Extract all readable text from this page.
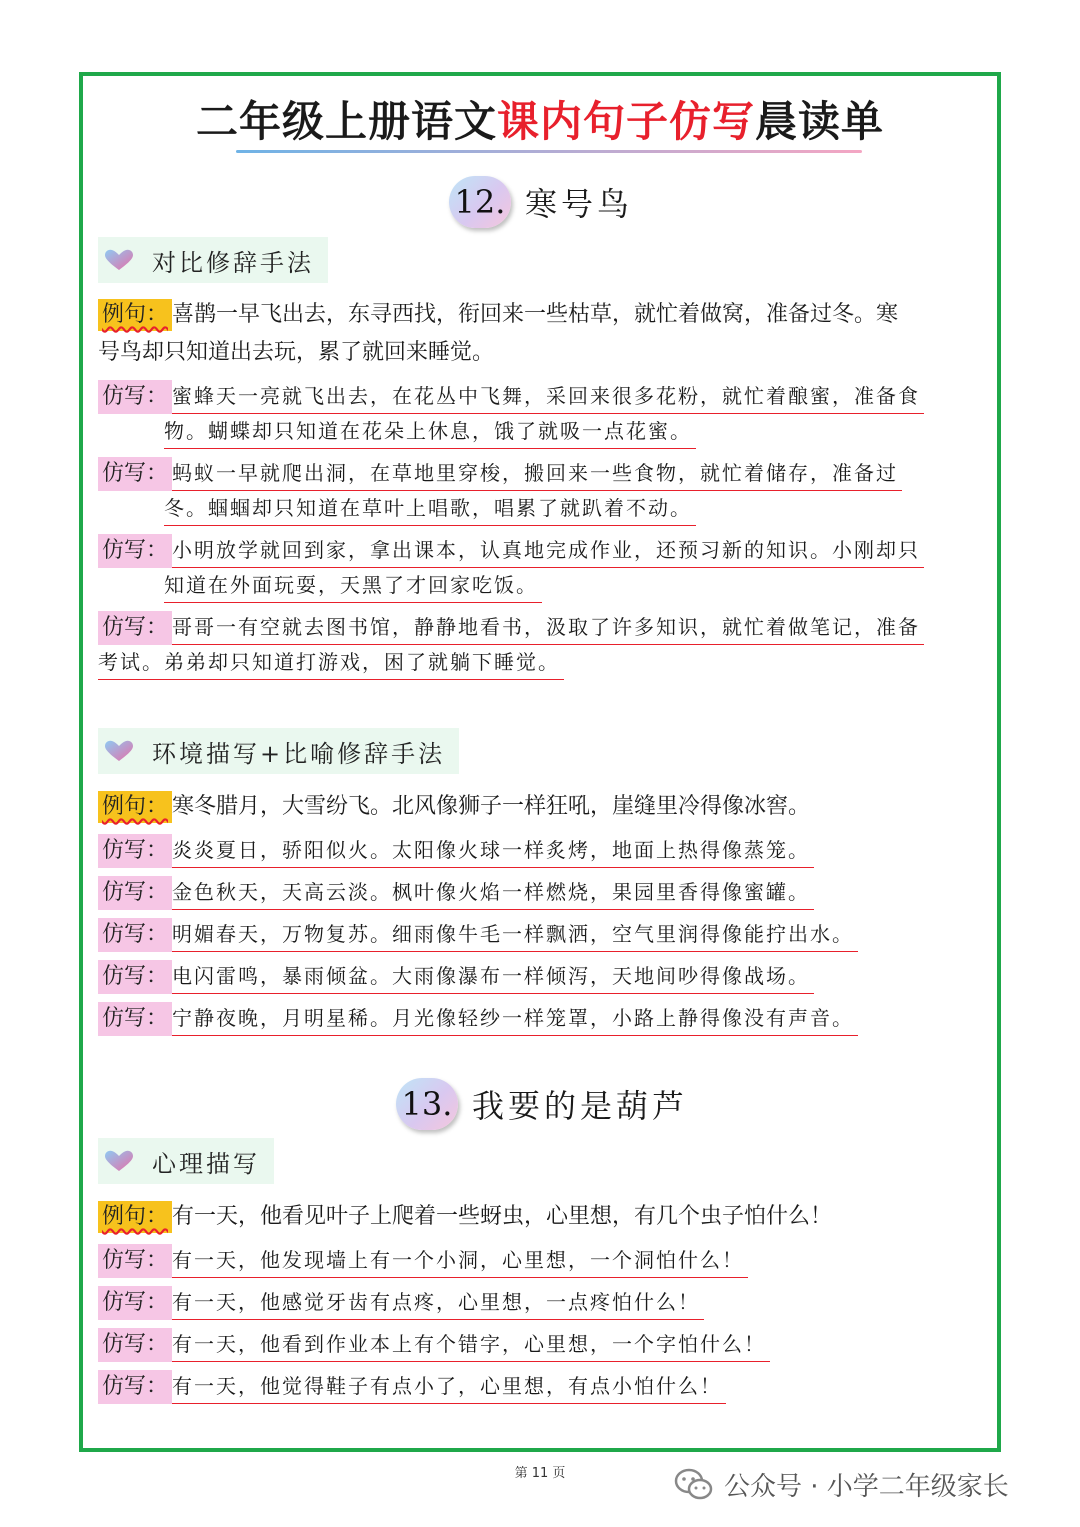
二年级上册语文课内句子仿写晨读单
12. 寒号鸟
对比修辞手法
例句： 喜鹊一早飞出去，东寻西找，衔回来一些枯草，就忙着做窝，准备过冬。寒
号鸟却只知道出去玩，累了就回来睡觉。
仿写： 蜜蜂天一亮就飞出去，在花丛中飞舞，采回来很多花粉，就忙着酿蜜，准备食
物。蝴蝶却只知道在花朵上休息，饿了就吸一点花蜜。
仿写： 蚂蚁一早就爬出洞，在草地里穿梭，搬回来一些食物，就忙着储存，准备过
冬。蝈蝈却只知道在草叶上唱歌，唱累了就趴着不动。
仿写： 小明放学就回到家，拿出课本，认真地完成作业，还预习新的知识。小刚却只
知道在外面玩耍，天黑了才回家吃饭。
仿写： 哥哥一有空就去图书馆，静静地看书，汲取了许多知识，就忙着做笔记，准备
考试。弟弟却只知道打游戏，困了就躺下睡觉。
环境描写+比喻修辞手法
例句： 寒冬腊月，大雪纷飞。北风像狮子一样狂吼，崖缝里冷得像冰窖。
仿写： 炎炎夏日，骄阳似火。太阳像火球一样炙烤，地面上热得像蒸笼。
仿写： 金色秋天，天高云淡。枫叶像火焰一样燃烧，果园里香得像蜜罐。
仿写： 明媚春天，万物复苏。细雨像牛毛一样飘洒，空气里润得像能拧出水。
仿写： 电闪雷鸣，暴雨倾盆。大雨像瀑布一样倾泻，天地间吵得像战场。
仿写： 宁静夜晚，月明星稀。月光像轻纱一样笼罩，小路上静得像没有声音。
13. 我要的是葫芦
心理描写
例句： 有一天，他看见叶子上爬着一些蚜虫，心里想，有几个虫子怕什么！
仿写： 有一天，他发现墙上有一个小洞，心里想，一个洞怕什么！
仿写： 有一天，他感觉牙齿有点疼，心里想，一点疼怕什么！
仿写： 有一天，他看到作业本上有个错字，心里想，一个字怕什么！
仿写： 有一天，他觉得鞋子有点小了，心里想，有点小怕什么！
第 11 页	公众号 · 小学二年级家长
